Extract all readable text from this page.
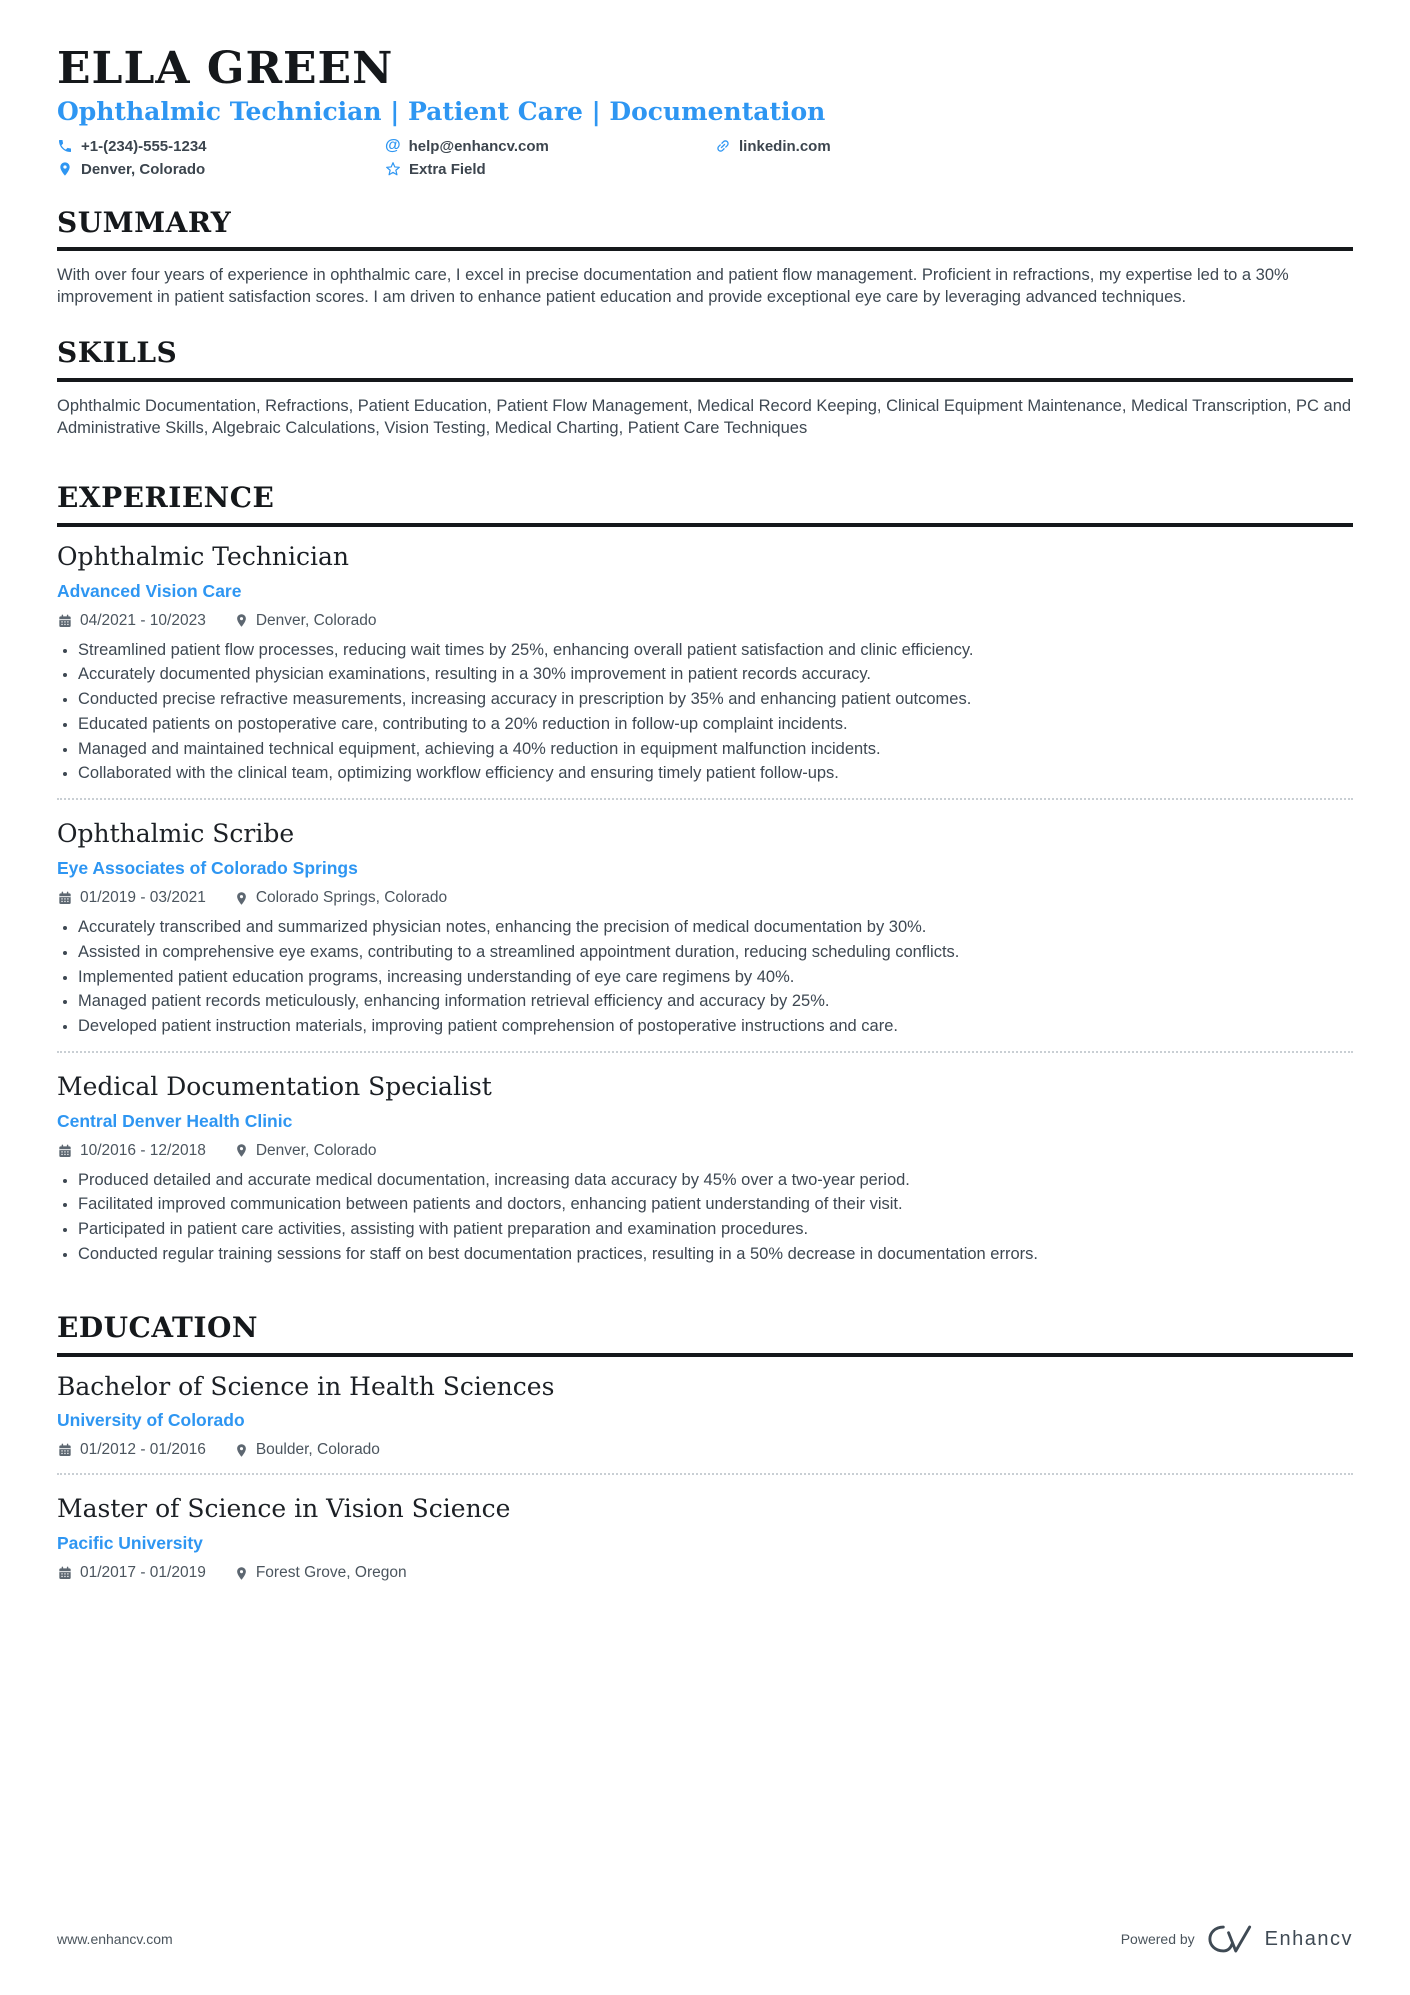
ELLA GREEN
Ophthalmic Technician | Patient Care | Documentation
+1-(234)-555-1234	@ help@enhancv.com	linkedin.com
Denver, Colorado	Extra Field
SUMMARY
With over four years of experience in ophthalmic care, I excel in precise documentation and patient flow management. Proficient in refractions, my expertise led to a 30% improvement in patient satisfaction scores. I am driven to enhance patient education and provide exceptional eye care by leveraging advanced techniques.
SKILLS
Ophthalmic Documentation, Refractions, Patient Education, Patient Flow Management, Medical Record Keeping, Clinical Equipment Maintenance, Medical Transcription, PC and Administrative Skills, Algebraic Calculations, Vision Testing, Medical Charting, Patient Care Techniques
EXPERIENCE
Ophthalmic Technician
Advanced Vision Care
04/2021 - 10/2023	Denver, Colorado
• Streamlined patient flow processes, reducing wait times by 25%, enhancing overall patient satisfaction and clinic efficiency.
• Accurately documented physician examinations, resulting in a 30% improvement in patient records accuracy.
• Conducted precise refractive measurements, increasing accuracy in prescription by 35% and enhancing patient outcomes.
• Educated patients on postoperative care, contributing to a 20% reduction in follow-up complaint incidents.
• Managed and maintained technical equipment, achieving a 40% reduction in equipment malfunction incidents.
• Collaborated with the clinical team, optimizing workflow efficiency and ensuring timely patient follow-ups.
Ophthalmic Scribe
Eye Associates of Colorado Springs
01/2019 - 03/2021	Colorado Springs, Colorado
• Accurately transcribed and summarized physician notes, enhancing the precision of medical documentation by 30%.
• Assisted in comprehensive eye exams, contributing to a streamlined appointment duration, reducing scheduling conflicts.
• Implemented patient education programs, increasing understanding of eye care regimens by 40%.
• Managed patient records meticulously, enhancing information retrieval efficiency and accuracy by 25%.
• Developed patient instruction materials, improving patient comprehension of postoperative instructions and care.
Medical Documentation Specialist
Central Denver Health Clinic
10/2016 - 12/2018	Denver, Colorado
• Produced detailed and accurate medical documentation, increasing data accuracy by 45% over a two-year period.
• Facilitated improved communication between patients and doctors, enhancing patient understanding of their visit.
• Participated in patient care activities, assisting with patient preparation and examination procedures.
• Conducted regular training sessions for staff on best documentation practices, resulting in a 50% decrease in documentation errors.
EDUCATION
Bachelor of Science in Health Sciences
University of Colorado
01/2012 - 01/2016	Boulder, Colorado
Master of Science in Vision Science
Pacific University
01/2017 - 01/2019	Forest Grove, Oregon
www.enhancv.com	Powered by	Enhancv
